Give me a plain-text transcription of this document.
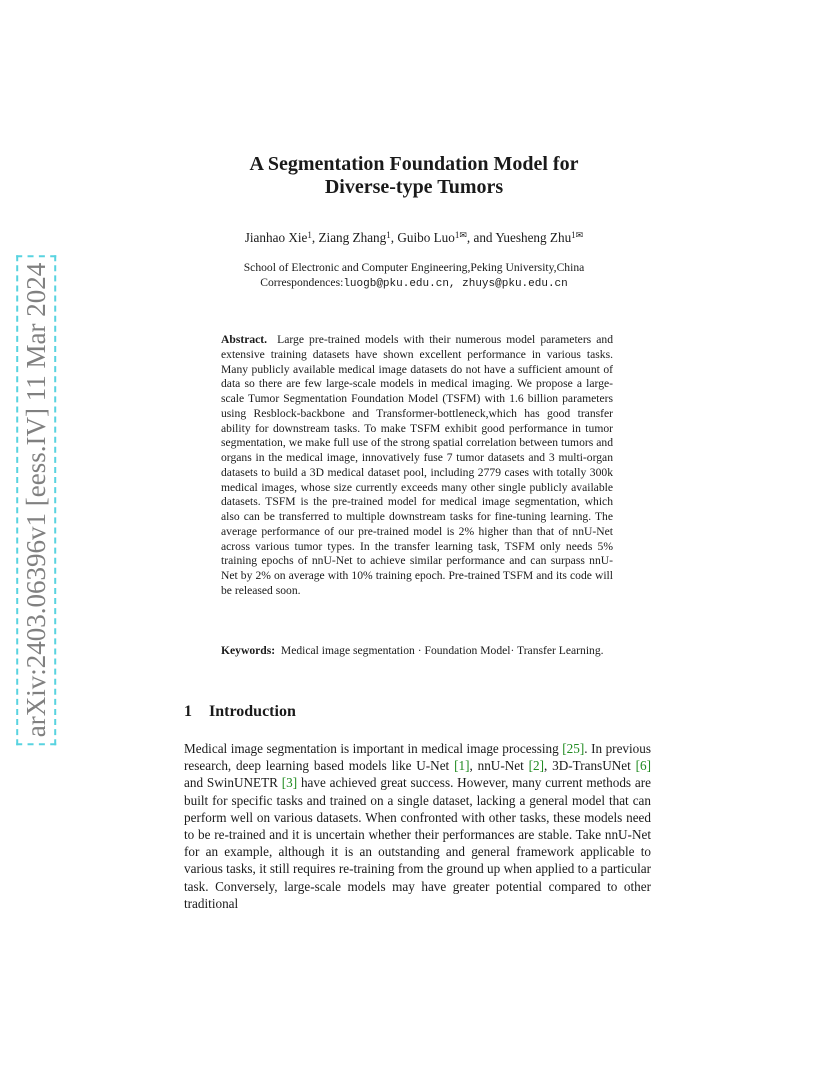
arXiv:2403.06396v1 [eess.IV] 11 Mar 2024
A Segmentation Foundation Model for
Diverse-type Tumors
Jianhao Xie$^1$, Ziang Zhang$^1$, Guibo Luo$^{1✉}$, and Yuesheng Zhu$^{1✉}$
School of Electronic and Computer Engineering,Peking University,China
Correspondences:luogb@pku.edu.cn, zhuys@pku.edu.cn
Abstract. Large pre-trained models with their numerous model parameters and extensive training datasets have shown excellent performance in various tasks. Many publicly available medical image datasets do not have a sufficient amount of data so there are few large-scale models in medical imaging. We propose a large-scale Tumor Segmentation Foundation Model (TSFM) with 1.6 billion parameters using Resblock-backbone and Transformer-bottleneck,which has good transfer ability for downstream tasks. To make TSFM exhibit good performance in tumor segmentation, we make full use of the strong spatial correlation between tumors and organs in the medical image, innovatively fuse 7 tumor datasets and 3 multi-organ datasets to build a 3D medical dataset pool, including 2779 cases with totally 300k medical images, whose size currently exceeds many other single publicly available datasets. TSFM is the pre-trained model for medical image segmentation, which also can be transferred to multiple downstream tasks for fine-tuning learning. The average performance of our pre-trained model is 2% higher than that of nnU-Net across various tumor types. In the transfer learning task, TSFM only needs 5% training epochs of nnU-Net to achieve similar performance and can surpass nnU-Net by 2% on average with 10% training epoch. Pre-trained TSFM and its code will be released soon.
Keywords: Medical image segmentation · Foundation Model· Transfer Learning.
1 Introduction
Medical image segmentation is important in medical image processing [25]. In previous research, deep learning based models like U-Net [1], nnU-Net [2], 3D-TransUNet [6] and SwinUNETR [3] have achieved great success. However, many current methods are built for specific tasks and trained on a single dataset, lacking a general model that can perform well on various datasets. When confronted with other tasks, these models need to be re-trained and it is uncertain whether their performances are stable. Take nnU-Net for an example, although it is an outstanding and general framework applicable to various tasks, it still requires re-training from the ground up when applied to a particular task. Conversely, large-scale models may have greater potential compared to other traditional
